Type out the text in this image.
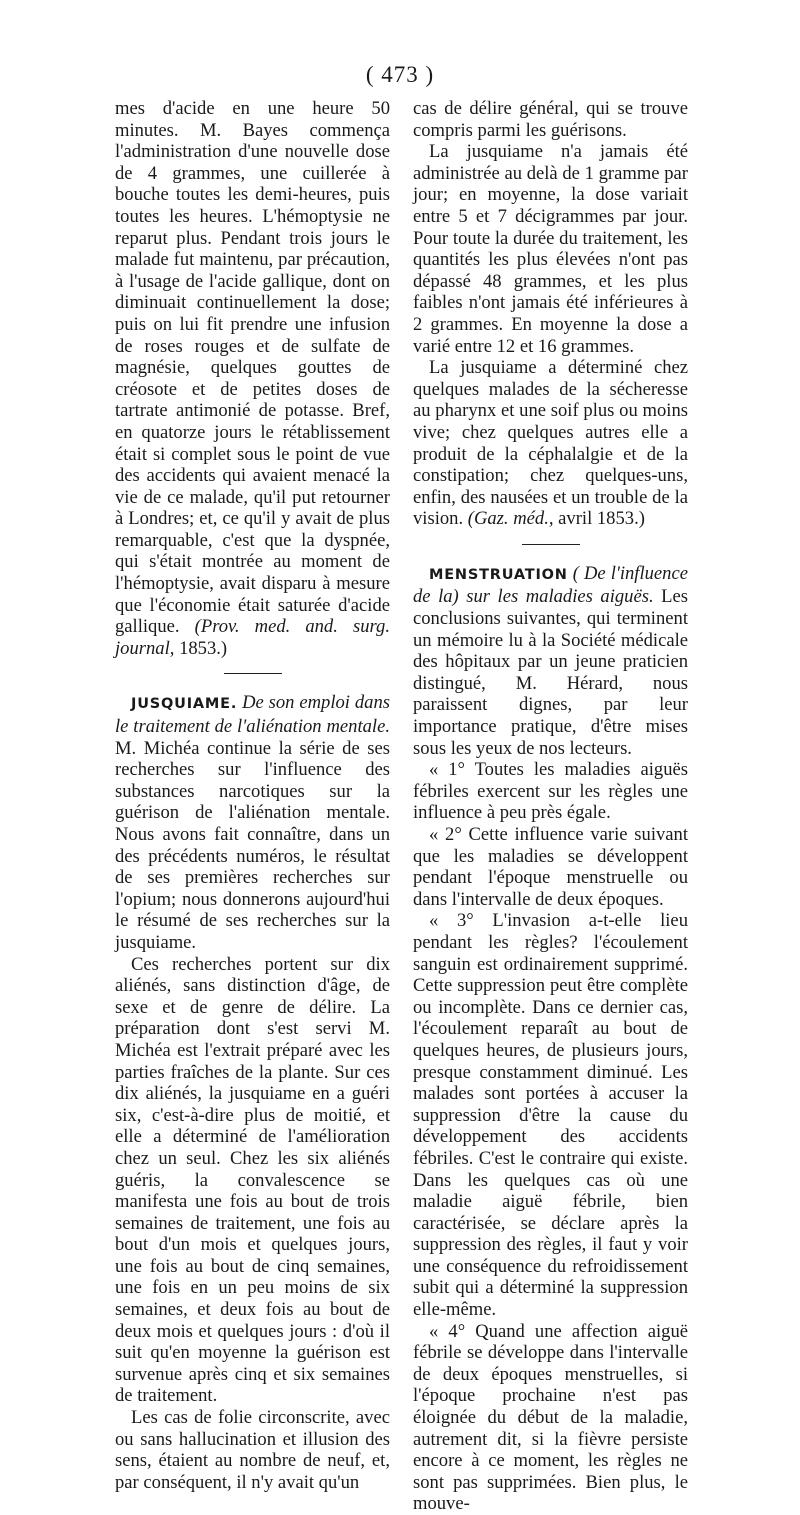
( 473 )

mes d'acide en une heure 50 minutes. M. Bayes commença l'administration d'une nouvelle dose de 4 grammes, une cuillerée à bouche toutes les demi-heures, puis toutes les heures. L'hémoptysie ne reparut plus. Pendant trois jours le malade fut maintenu, par précaution, à l'usage de l'acide gallique, dont on diminuait continuellement la dose; puis on lui fit prendre une infusion de roses rouges et de sulfate de magnésie, quelques gouttes de créosote et de petites doses de tartrate antimonié de potasse. Bref, en quatorze jours le rétablissement était si complet sous le point de vue des accidents qui avaient menacé la vie de ce malade, qu'il put retourner à Londres; et, ce qu'il y avait de plus remarquable, c'est que la dyspnée, qui s'était montrée au moment de l'hémoptysie, avait disparu à mesure que l'économie était saturée d'acide gallique. (Prov. med. and. surg. journal, 1853.)

JUSQUIAME. De son emploi dans le traitement de l'aliénation mentale. M. Michéa continue la série de ses recherches sur l'influence des substances narcotiques sur la guérison de l'aliénation mentale. Nous avons fait connaître, dans un des précédents numéros, le résultat de ses premières recherches sur l'opium; nous donnerons aujourd'hui le résumé de ses recherches sur la jusquiame.

Ces recherches portent sur dix aliénés, sans distinction d'âge, de sexe et de genre de délire. La préparation dont s'est servi M. Michéa est l'extrait préparé avec les parties fraîches de la plante. Sur ces dix aliénés, la jusquiame en a guéri six, c'est-à-dire plus de moitié, et elle a déterminé de l'amélioration chez un seul. Chez les six aliénés guéris, la convalescence se manifesta une fois au bout de trois semaines de traitement, une fois au bout d'un mois et quelques jours, une fois au bout de cinq semaines, une fois en un peu moins de six semaines, et deux fois au bout de deux mois et quelques jours : d'où il suit qu'en moyenne la guérison est survenue après cinq et six semaines de traitement.

Les cas de folie circonscrite, avec ou sans hallucination et illusion des sens, étaient au nombre de neuf, et, par conséquent, il n'y avait qu'un

cas de délire général, qui se trouve compris parmi les guérisons.

La jusquiame n'a jamais été administrée au delà de 1 gramme par jour; en moyenne, la dose variait entre 5 et 7 décigrammes par jour. Pour toute la durée du traitement, les quantités les plus élevées n'ont pas dépassé 48 grammes, et les plus faibles n'ont jamais été inférieures à 2 grammes. En moyenne la dose a varié entre 12 et 16 grammes.

La jusquiame a déterminé chez quelques malades de la sécheresse au pharynx et une soif plus ou moins vive; chez quelques autres elle a produit de la céphalalgie et de la constipation; chez quelques-uns, enfin, des nausées et un trouble de la vision. (Gaz. méd., avril 1853.)

MENSTRUATION ( De l'influence de la) sur les maladies aiguës. Les conclusions suivantes, qui terminent un mémoire lu à la Société médicale des hôpitaux par un jeune praticien distingué, M. Hérard, nous paraissent dignes, par leur importance pratique, d'être mises sous les yeux de nos lecteurs.

« 1° Toutes les maladies aiguës fébriles exercent sur les règles une influence à peu près égale.

« 2° Cette influence varie suivant que les maladies se développent pendant l'époque menstruelle ou dans l'intervalle de deux époques.

« 3° L'invasion a-t-elle lieu pendant les règles? l'écoulement sanguin est ordinairement supprimé. Cette suppression peut être complète ou incomplète. Dans ce dernier cas, l'écoulement reparaît au bout de quelques heures, de plusieurs jours, presque constamment diminué. Les malades sont portées à accuser la suppression d'être la cause du développement des accidents fébriles. C'est le contraire qui existe. Dans les quelques cas où une maladie aiguë fébrile, bien caractérisée, se déclare après la suppression des règles, il faut y voir une conséquence du refroidissement subit qui a déterminé la suppression elle-même.

« 4° Quand une affection aiguë fébrile se développe dans l'intervalle de deux époques menstruelles, si l'époque prochaine n'est pas éloignée du début de la maladie, autrement dit, si la fièvre persiste encore à ce moment, les règles ne sont pas supprimées. Bien plus, le mouve-
